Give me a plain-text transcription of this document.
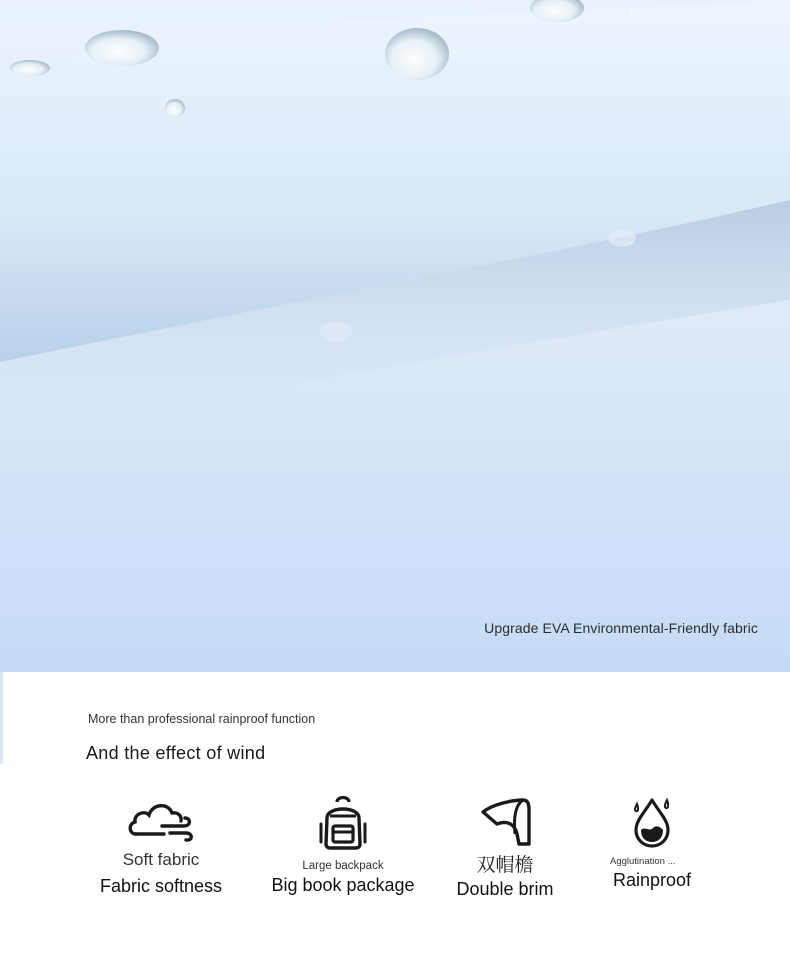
Upgrade EVA Environmental-Friendly fabric
More than professional rainproof function
And the effect of wind
Soft fabric
Fabric softness
Large backpack
Big book package
双帽檐
Double brim
Agglutination ...
Rainproof
